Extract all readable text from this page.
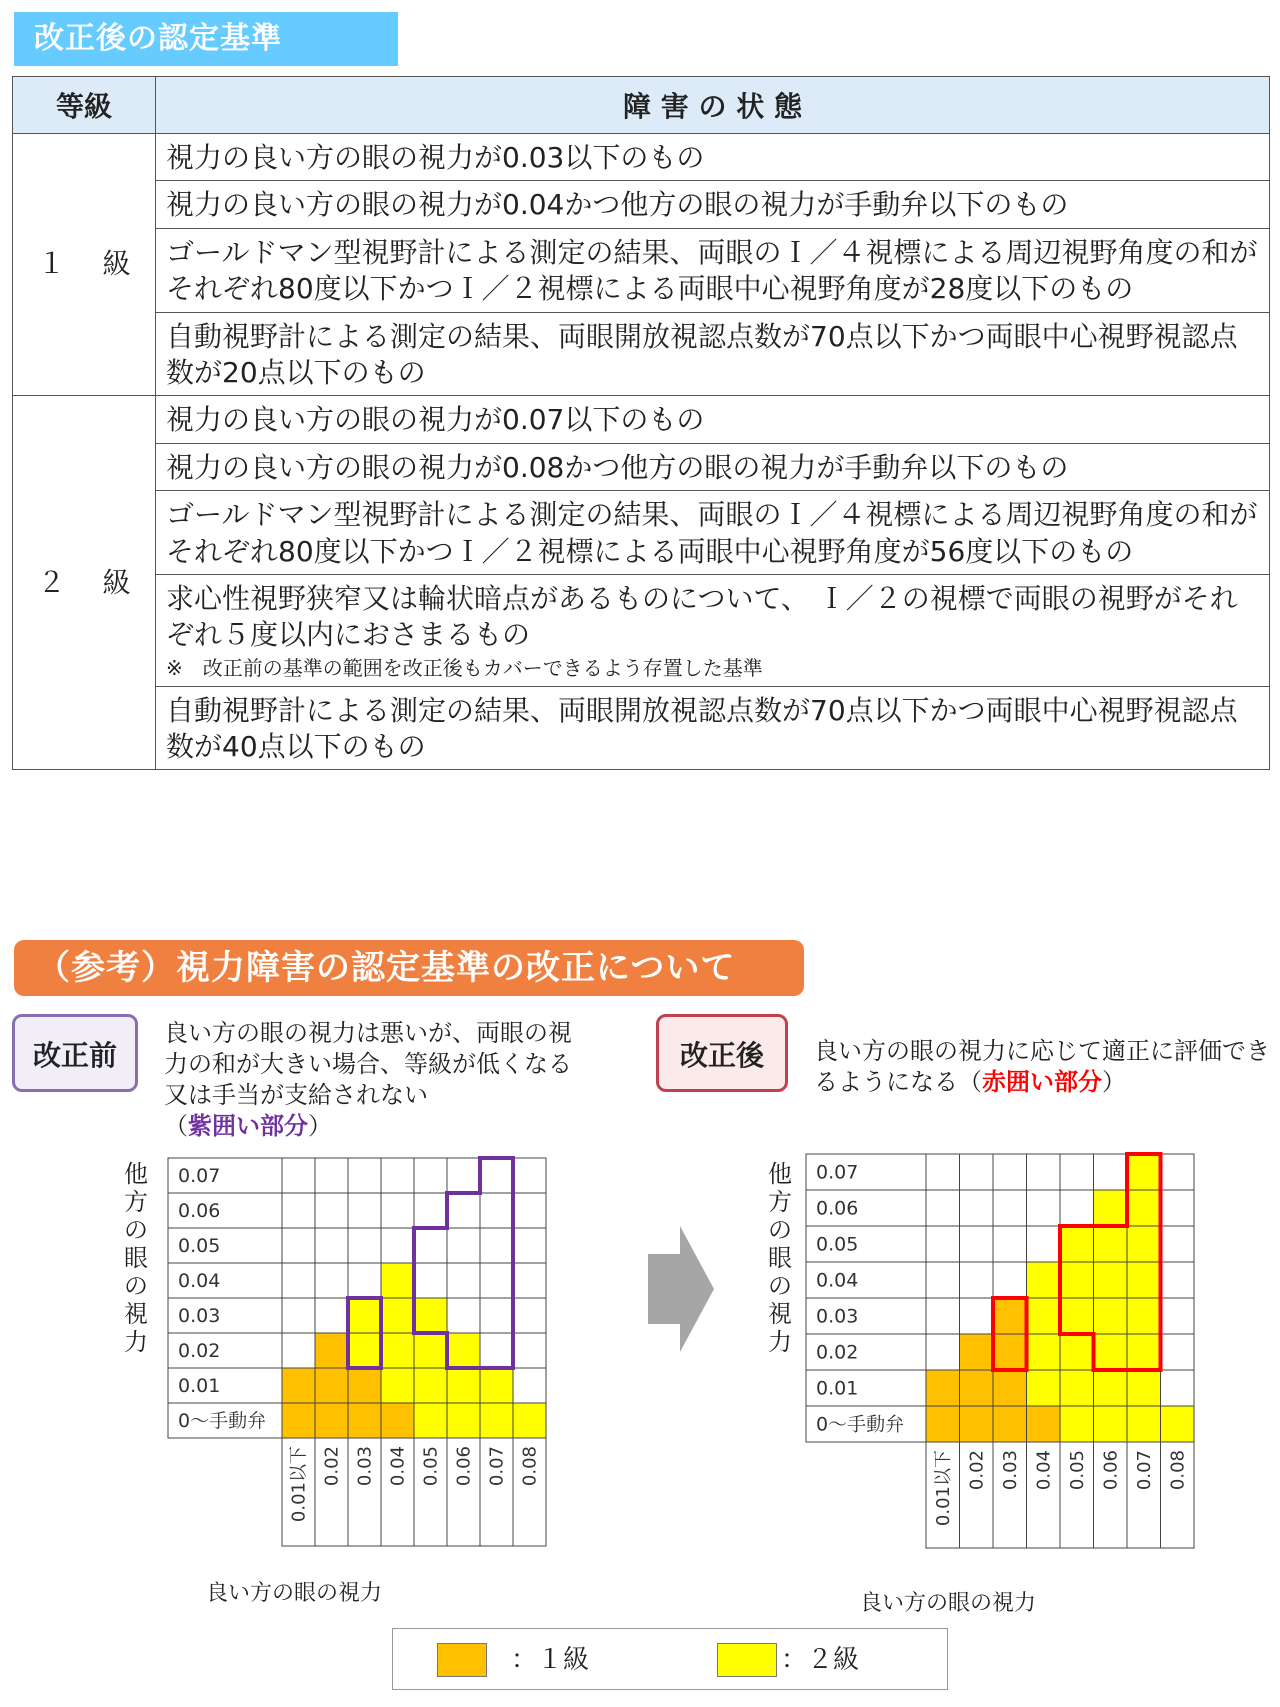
改正後の認定基準
等級	障 害 の 状 態
１　 級	視力の良い方の眼の視力が0.03以下のもの
	視力の良い方の眼の視力が0.04かつ他方の眼の視力が手動弁以下のもの
	ゴールドマン型視野計による測定の結果、両眼のＩ／４視標による周辺視野角度の和がそれぞれ80度以下かつＩ／２視標による両眼中心視野角度が28度以下のもの
	自動視野計による測定の結果、両眼開放視認点数が70点以下かつ両眼中心視野視認点数が20点以下のもの
２　 級	視力の良い方の眼の視力が0.07以下のもの
	視力の良い方の眼の視力が0.08かつ他方の眼の視力が手動弁以下のもの
	ゴールドマン型視野計による測定の結果、両眼のＩ／４視標による周辺視野角度の和がそれぞれ80度以下かつＩ／２視標による両眼中心視野角度が56度以下のもの
	求心性視野狭窄又は輪状暗点があるものについて、 Ｉ／２の視標で両眼の視野がそれぞれ５度以内におさまるもの
※　改正前の基準の範囲を改正後もカバーできるよう存置した基準

	自動視野計による測定の結果、両眼開放視認点数が70点以下かつ両眼中心視野視認点数が40点以下のもの
（参考）視力障害の認定基準の改正について
改正前
良い方の眼の視力は悪いが、両眼の視力の和が大きい場合、等級が低くなる又は手当が支給されない
（紫囲い部分）
改正後	良い方の眼の視力に応じて適正に評価できるようになる（赤囲い部分）
他
方
の
眼
の
視
力
他
方
の
眼
の
視
力
0.07
0.06
0.05
0.04
0.03
0.02
0.01
0～手動弁
0.01以下 0.02 0.03 0.04 0.05 0.06 0.07 0.08
0.07
0.06
0.05
0.04
0.03
0.02
0.01
0～手動弁
0.01以下 0.02 0.03 0.04 0.05 0.06 0.07 0.08
良い方の眼の視力	良い方の眼の視力
：１級	：２級
